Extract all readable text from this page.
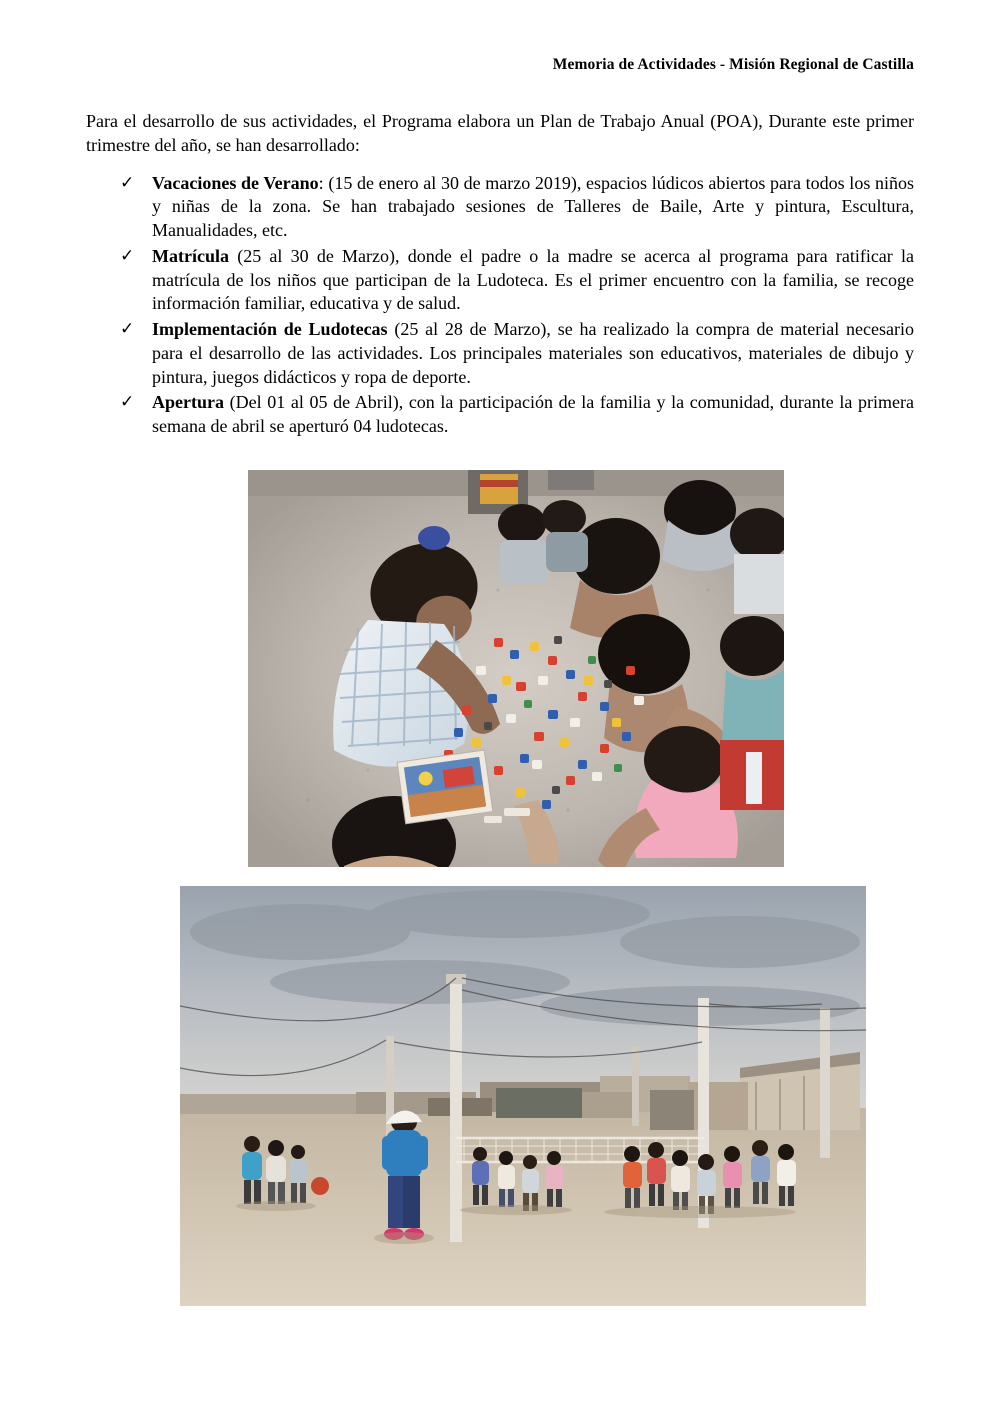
Memoria de Actividades - Misión Regional de Castilla

Para el desarrollo de sus actividades, el Programa elabora un Plan de Trabajo Anual (POA), Durante este primer trimestre del año, se han desarrollado:

✓ Vacaciones de Verano: (15 de enero al 30 de marzo 2019), espacios lúdicos abiertos para todos los niños y niñas de la zona. Se han trabajado sesiones de Talleres de Baile, Arte y pintura, Escultura, Manualidades, etc.
✓ Matrícula (25 al 30 de Marzo), donde el padre o la madre se acerca al programa para ratificar la matrícula de los niños que participan de la Ludoteca. Es el primer encuentro con la familia, se recoge información familiar, educativa y de salud.
✓ Implementación de Ludotecas (25 al 28 de Marzo), se ha realizado la compra de material necesario para el desarrollo de las actividades. Los principales materiales son educativos, materiales de dibujo y pintura, juegos didácticos y ropa de deporte.
✓ Apertura (Del 01 al 05 de Abril), con la participación de la familia y la comunidad, durante la primera semana de abril se aperturó 04 ludotecas.
